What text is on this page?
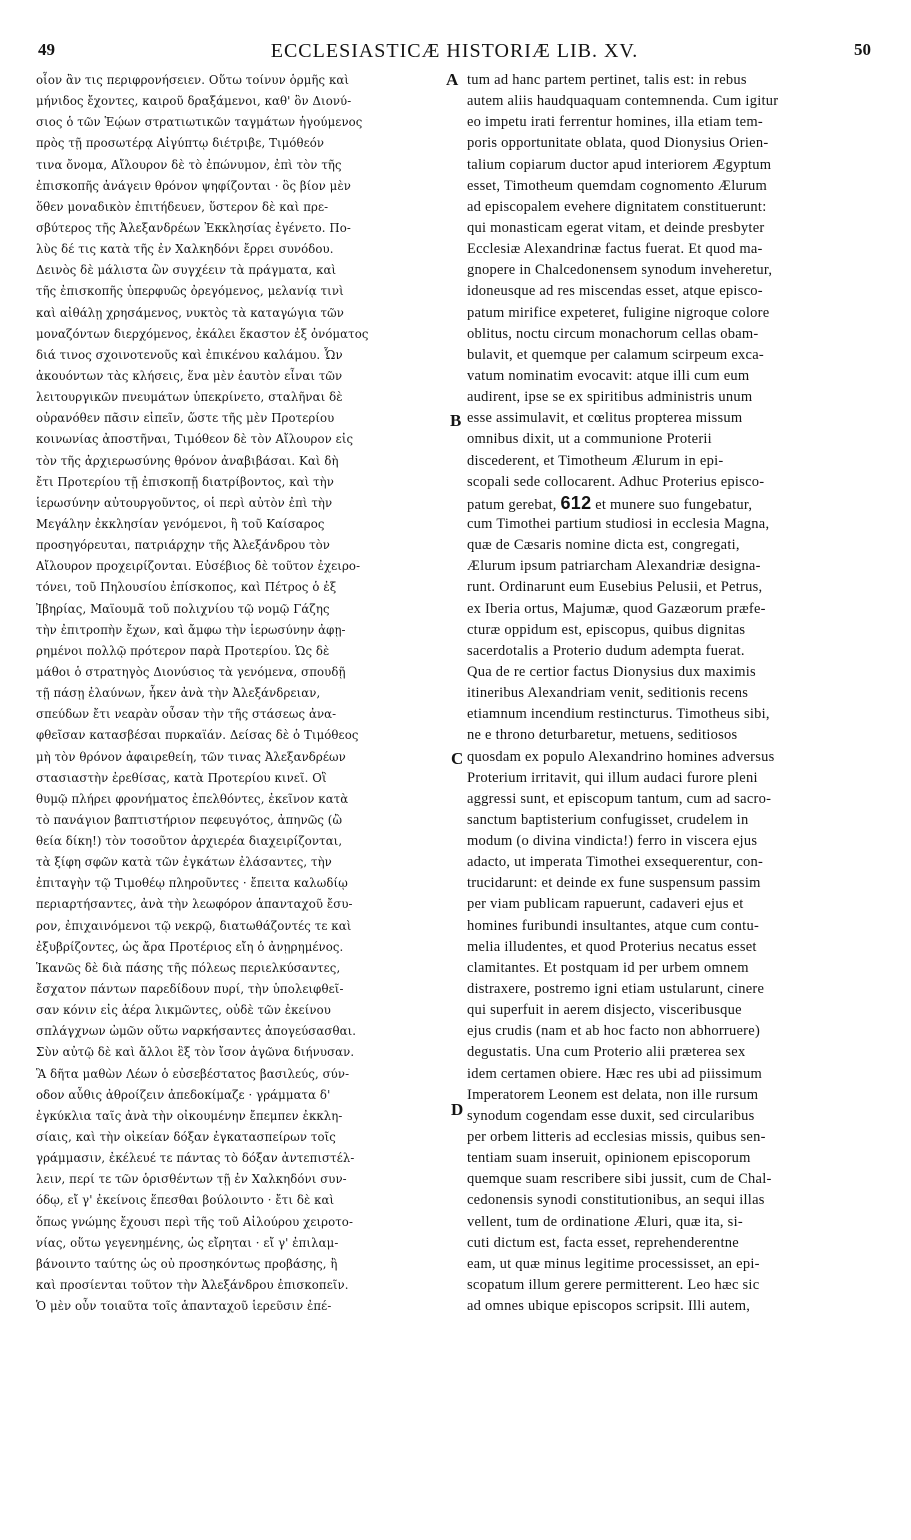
49	ECCLESIASTICÆ HISTORIÆ LIB. XV.	50
οἷον ἂν τις περιφρονήσειεν. Οὕτω τοίνυν ὁρμῆς καὶ
μήνιδος ἔχοντες, καιροῦ δραξάμενοι, καθ' ὃν Διονύ-
σιος ὁ τῶν Ἑῴων στρατιωτικῶν ταγμάτων ἡγούμενος
πρὸς τῇ προσωτέρᾳ Αἰγύπτῳ διέτριβε, Τιμόθεόν
τινα ὄνομα, Αἴλουρον δὲ τὸ ἐπώνυμον, ἐπὶ τὸν τῆς
ἐπισκοπῆς ἀνάγειν θρόνον ψηφίζονται · ὃς βίον μὲν
ὅθεν μοναδικὸν ἐπιτήδευεν, ὕστερον δὲ καὶ πρε-
σβύτερος τῆς Ἀλεξανδρέων Ἐκκλησίας ἐγένετο. Πο-
λὺς δέ τις κατὰ τῆς ἐν Χαλκηδόνι ἔρρει συνόδου.
Δεινὸς δὲ μάλιστα ὢν συγχέειν τὰ πράγματα, καὶ
τῆς ἐπισκοπῆς ὑπερφυῶς ὀρεγόμενος, μελανίᾳ τινὶ
καὶ αἰθάλῃ χρησάμενος, νυκτὸς τὰ καταγώγια τῶν
μοναζόντων διερχόμενος, ἐκάλει ἕκαστον ἐξ ὀνόματος
διά τινος σχοινοτενοῦς καὶ ἐπικένου καλάμου. Ὧν
ἀκουόντων τὰς κλήσεις, ἕνα μὲν ἑαυτὸν εἶναι τῶν
λειτουργικῶν πνευμάτων ὑπεκρίνετο, σταλῆναι δὲ
οὐρανόθεν πᾶσιν εἰπεῖν, ὥστε τῆς μὲν Προτερίου
κοινωνίας ἀποστῆναι, Τιμόθεον δὲ τὸν Αἴλουρον εἰς
τὸν τῆς ἀρχιερωσύνης θρόνον ἀναβιβάσαι. Καὶ δὴ
ἔτι Προτερίου τῇ ἐπισκοπῇ διατρίβοντος, καὶ τὴν
ἱερωσύνην αὐτουργοῦντος, οἱ περὶ αὐτὸν ἐπὶ τὴν
Μεγάλην ἐκκλησίαν γενόμενοι, ἣ τοῦ Καίσαρος
προσηγόρευται, πατριάρχην τῆς Ἀλεξάνδρου τὸν
Αἴλουρον προχειρίζονται. Εὐσέβιος δὲ τοῦτον ἐχειρο-
τόνει, τοῦ Πηλουσίου ἐπίσκοπος, καὶ Πέτρος ὁ ἐξ
Ἰβηρίας, Μαϊουμᾶ τοῦ πολιχνίου τῷ νομῷ Γάζης
τὴν ἐπιτροπὴν ἔχων, καὶ ἄμφω τὴν ἱερωσύνην ἀφῃ-
ρημένοι πολλῷ πρότερον παρὰ Προτερίου. Ὡς δὲ
μάθοι ὁ στρατηγὸς Διονύσιος τὰ γενόμενα, σπουδῇ
τῇ πάσῃ ἐλαύνων, ἧκεν ἀνὰ τὴν Ἀλεξάνδρειαν,
σπεύδων ἔτι νεαρὰν οὖσαν τὴν τῆς στάσεως ἀνα-
φθεῖσαν κατασβέσαι πυρκαϊάν. Δείσας δὲ ὁ Τιμόθεος
μὴ τὸν θρόνον ἀφαιρεθείη, τῶν τινας Ἀλεξανδρέων
στασιαστὴν ἐρεθίσας, κατὰ Προτερίου κινεῖ. Οἳ
θυμῷ πλήρει φρονήματος ἐπελθόντες, ἐκεῖνον κατὰ
τὸ πανάγιον βαπτιστήριον πεφευγότος, ἀπηνῶς (ὢ
θεία δίκη!) τὸν τοσοῦτον ἀρχιερέα διαχειρίζονται,
τὰ ξίφη σφῶν κατὰ τῶν ἐγκάτων ἐλάσαντες, τὴν
ἐπιταγὴν τῷ Τιμοθέῳ πληροῦντες · ἔπειτα καλωδίῳ
περιαρτήσαντες, ἀνὰ τὴν λεωφόρον ἁπανταχοῦ ἔσυ-
ρον, ἐπιχαινόμενοι τῷ νεκρῷ, διατωθάζοντές τε καὶ
ἐξυβρίζοντες, ὡς ἄρα Προτέριος εἴη ὁ ἀνῃρημένος.
Ἱκανῶς δὲ διὰ πάσης τῆς πόλεως περιελκύσαντες,
ἔσχατον πάντων παρεδίδουν πυρί, τὴν ὑπολειφθεῖ-
σαν κόνιν εἰς ἀέρα λικμῶντες, οὐδὲ τῶν ἐκείνου
σπλάγχνων ὠμῶν οὕτω ναρκήσαντες ἀπογεύσασθαι.
Σὺν αὐτῷ δὲ καὶ ἄλλοι ἓξ τὸν ἴσον ἀγῶνα διήνυσαν.
Ἃ δῆτα μαθὼν Λέων ὁ εὐσεβέστατος βασιλεύς, σύν-
οδον αὖθις ἀθροίζειν ἀπεδοκίμαζε · γράμματα δ'
ἐγκύκλια ταῖς ἀνὰ τὴν οἰκουμένην ἔπεμπεν ἐκκλη-
σίαις, καὶ τὴν οἰκείαν δόξαν ἐγκατασπείρων τοῖς
γράμμασιν, ἐκέλευέ τε πάντας τὸ δόξαν ἀντεπιστέλ-
λειν, περί τε τῶν ὁρισθέντων τῇ ἐν Χαλκηδόνι συν-
όδῳ, εἴ γ' ἐκείνοις ἕπεσθαι βούλοιντο · ἔτι δὲ καὶ
ὅπως γνώμης ἔχουσι περὶ τῆς τοῦ Αἰλούρου χειροτο-
νίας, οὕτω γεγενημένης, ὡς εἴρηται · εἴ γ' ἐπιλαμ-
βάνοιντο ταύτης ὡς οὐ προσηκόντως προβάσης, ἢ
καὶ προσίενται τοῦτον τὴν Ἀλεξάνδρου ἐπισκοπεῖν.
Ὁ μὲν οὖν τοιαῦτα τοῖς ἁπανταχοῦ ἱερεῦσιν ἐπέ-
tum ad hanc partem pertinet, talis est: in rebus
autem aliis haudquaquam contemnenda. Cum igitur
eo impetu irati ferrentur homines, illa etiam tem-
poris opportunitate oblata, quod Dionysius Orien-
talium copiarum ductor apud interiorem Ægyptum
esset, Timotheum quemdam cognomento Ælurum
ad episcopalem evehere dignitatem constituerunt:
qui monasticam egerat vitam, et deinde presbyter
Ecclesiæ Alexandrinæ factus fuerat. Et quod ma-
gnopere in Chalcedonensem synodum inveheretur,
idoneusque ad res miscendas esset, atque episco-
patum mirifice expeteret, fuligine nigroque colore
oblitus, noctu circum monachorum cellas obam-
bulavit, et quemque per calamum scirpeum exca-
vatum nominatim evocavit: atque illi cum eum
audirent, ipse se ex spiritibus administris unum
esse assimulavit, et cœlitus propterea missum
omnibus dixit, ut a communione Proterii
discederent, et Timotheum Ælurum in epi-
scopali sede collocarent. Adhuc Proterius episco-
patum gerebat, 612 et munere suo fungebatur,
cum Timothei partium studiosi in ecclesia Magna,
quæ de Cæsaris nomine dicta est, congregati,
Ælurum ipsum patriarcham Alexandriæ designa-
runt. Ordinarunt eum Eusebius Pelusii, et Petrus,
ex Iberia ortus, Majumæ, quod Gazæorum præfe-
cturæ oppidum est, episcopus, quibus dignitas
sacerdotalis a Proterio dudum adempta fuerat.
Qua de re certior factus Dionysius dux maximis
itineribus Alexandriam venit, seditionis recens
etiamnum incendium restincturus. Timotheus sibi,
ne e throno deturbaretur, metuens, seditiosos
quosdam ex populo Alexandrino homines adversus
Proterium irritavit, qui illum audaci furore pleni
aggressi sunt, et episcopum tantum, cum ad sacro-
sanctum baptisterium confugisset, crudelem in
modum (o divina vindicta!) ferro in viscera ejus
adacto, ut imperata Timothei exsequerentur, con-
trucidarunt: et deinde ex fune suspensum passim
per viam publicam rapuerunt, cadaveri ejus et
homines furibundi insultantes, atque cum contu-
melia illudentes, et quod Proterius necatus esset
clamitantes. Et postquam id per urbem omnem
distraxere, postremo igni etiam ustularunt, cinere
qui superfuit in aerem disjecto, visceribusque
ejus crudis (nam et ab hoc facto non abhorruere)
degustatis. Una cum Proterio alii præterea sex
idem certamen obiere. Hæc res ubi ad piissimum
Imperatorem Leonem est delata, non ille rursum
synodum cogendam esse duxit, sed circularibus
per orbem litteris ad ecclesias missis, quibus sen-
tentiam suam inseruit, opinionem episcoporum
quemque suam rescribere sibi jussit, cum de Chal-
cedonensis synodi constitutionibus, an sequi illas
vellent, tum de ordinatione Æluri, quæ ita, si-
cuti dictum est, facta esset, reprehenderentne
eam, ut quæ minus legitime processisset, an epi-
scopatum illum gerere permitterent. Leo hæc sic
ad omnes ubique episcopos scripsit. Illi autem,
A
B
C
D
